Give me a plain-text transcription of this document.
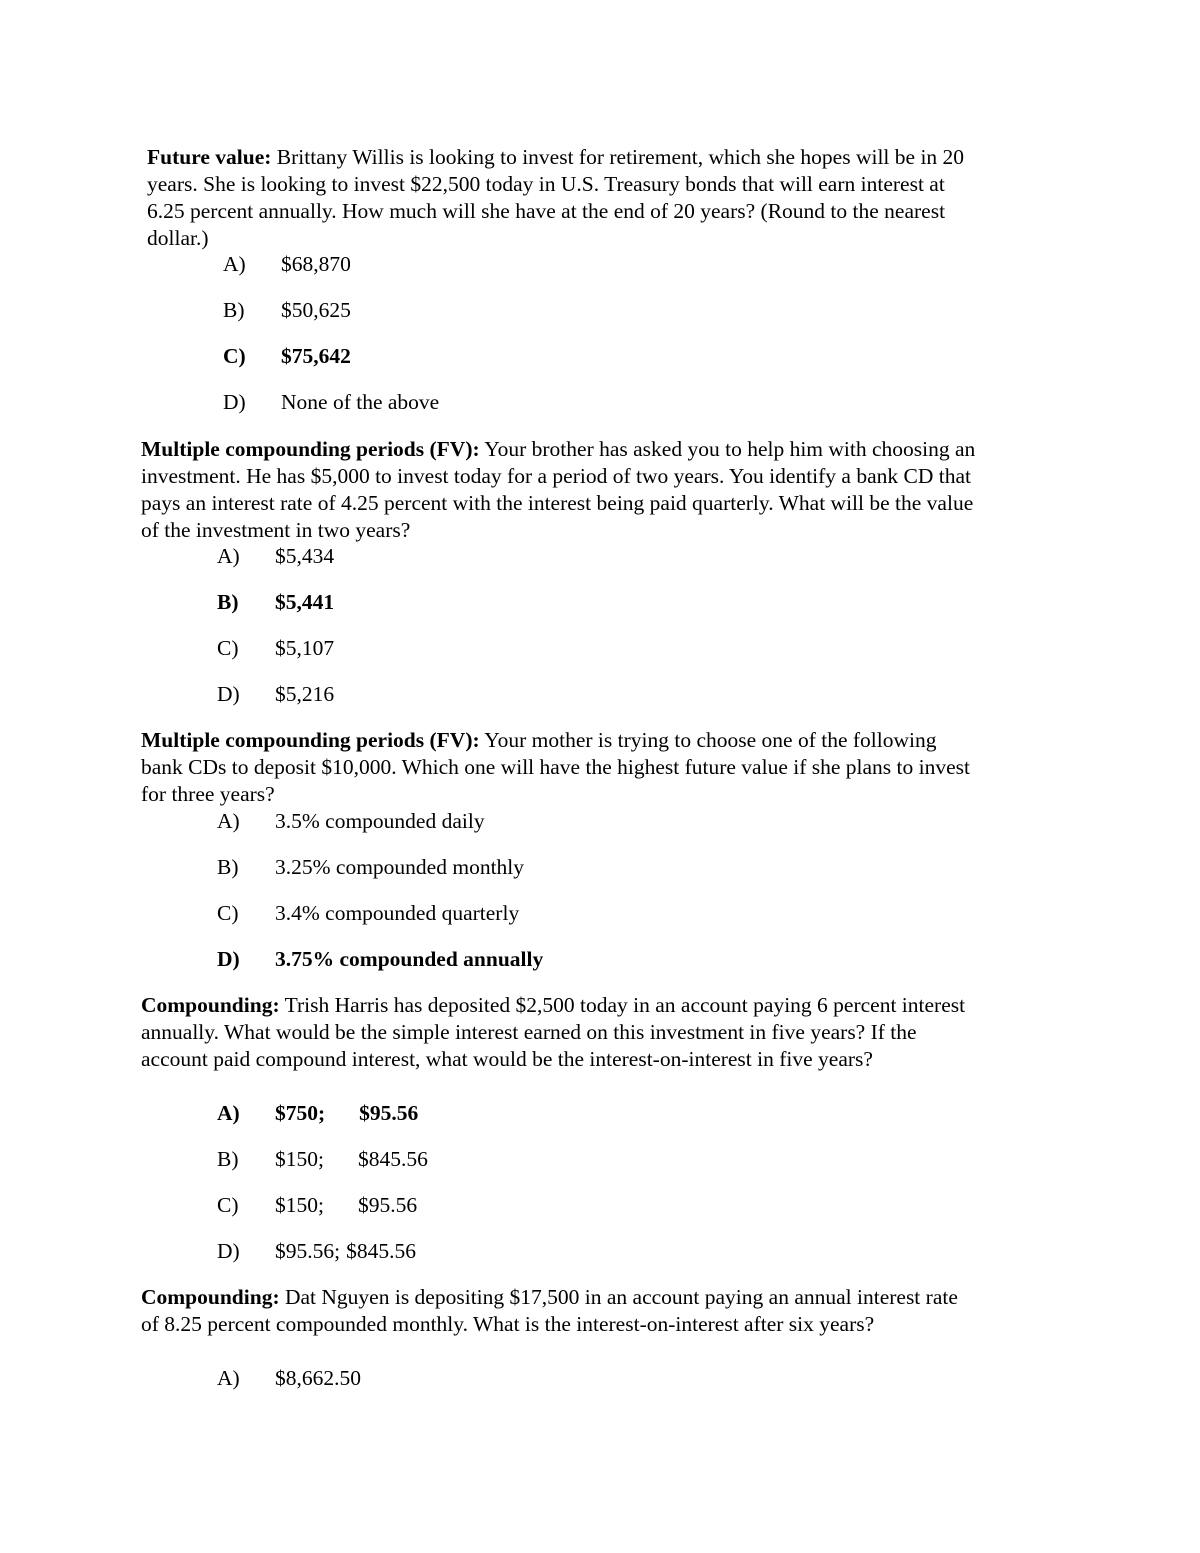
Future value: Brittany Willis is looking to invest for retirement, which she hopes will be in 20 years. She is looking to invest $22,500 today in U.S. Treasury bonds that will earn interest at 6.25 percent annually. How much will she have at the end of 20 years? (Round to the nearest dollar.)

A) $68,870
B) $50,625
C) $75,642
D) None of the above

Multiple compounding periods (FV): Your brother has asked you to help him with choosing an investment. He has $5,000 to invest today for a period of two years. You identify a bank CD that pays an interest rate of 4.25 percent with the interest being paid quarterly. What will be the value of the investment in two years?

A) $5,434
B) $5,441
C) $5,107
D) $5,216

Multiple compounding periods (FV): Your mother is trying to choose one of the following bank CDs to deposit $10,000. Which one will have the highest future value if she plans to invest for three years?

A) 3.5% compounded daily
B) 3.25% compounded monthly
C) 3.4% compounded quarterly
D) 3.75% compounded annually

Compounding: Trish Harris has deposited $2,500 today in an account paying 6 percent interest annually. What would be the simple interest earned on this investment in five years? If the account paid compound interest, what would be the interest-on-interest in five years?

A) $750; $95.56
B) $150; $845.56
C) $150; $95.56
D) $95.56; $845.56

Compounding: Dat Nguyen is depositing $17,500 in an account paying an annual interest rate of 8.25 percent compounded monthly. What is the interest-on-interest after six years?

A) $8,662.50
